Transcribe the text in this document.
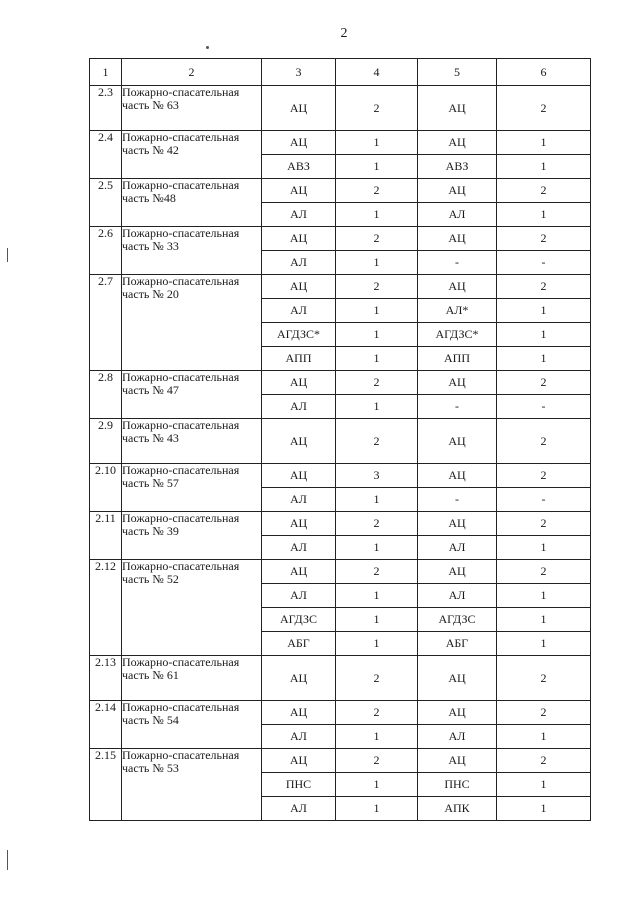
2
1	2	3	4	5	6
2.3	Пожарно-спасательная часть № 63	АЦ	2	АЦ	2
2.4	Пожарно-спасательная часть № 42	АЦ	1	АЦ	1
		АВЗ	1	АВЗ	1
2.5	Пожарно-спасательная часть №48	АЦ	2	АЦ	2
		АЛ	1	АЛ	1
2.6	Пожарно-спасательная часть № 33	АЦ	2	АЦ	2
		АЛ	1	-	-
2.7	Пожарно-спасательная часть № 20	АЦ	2	АЦ	2
		АЛ	1	АЛ*	1
		АГДЗС*	1	АГДЗС*	1
		АПП	1	АПП	1
2.8	Пожарно-спасательная часть № 47	АЦ	2	АЦ	2
		АЛ	1	-	-
2.9	Пожарно-спасательная часть № 43	АЦ	2	АЦ	2
2.10	Пожарно-спасательная часть № 57	АЦ	3	АЦ	2
		АЛ	1	-	-
2.11	Пожарно-спасательная часть № 39	АЦ	2	АЦ	2
		АЛ	1	АЛ	1
2.12	Пожарно-спасательная часть № 52	АЦ	2	АЦ	2
		АЛ	1	АЛ	1
		АГДЗС	1	АГДЗС	1
		АБГ	1	АБГ	1
2.13	Пожарно-спасательная часть № 61	АЦ	2	АЦ	2
2.14	Пожарно-спасательная часть № 54	АЦ	2	АЦ	2
		АЛ	1	АЛ	1
2.15	Пожарно-спасательная часть № 53	АЦ	2	АЦ	2
		ПНС	1	ПНС	1
		АЛ	1	АПК	1
